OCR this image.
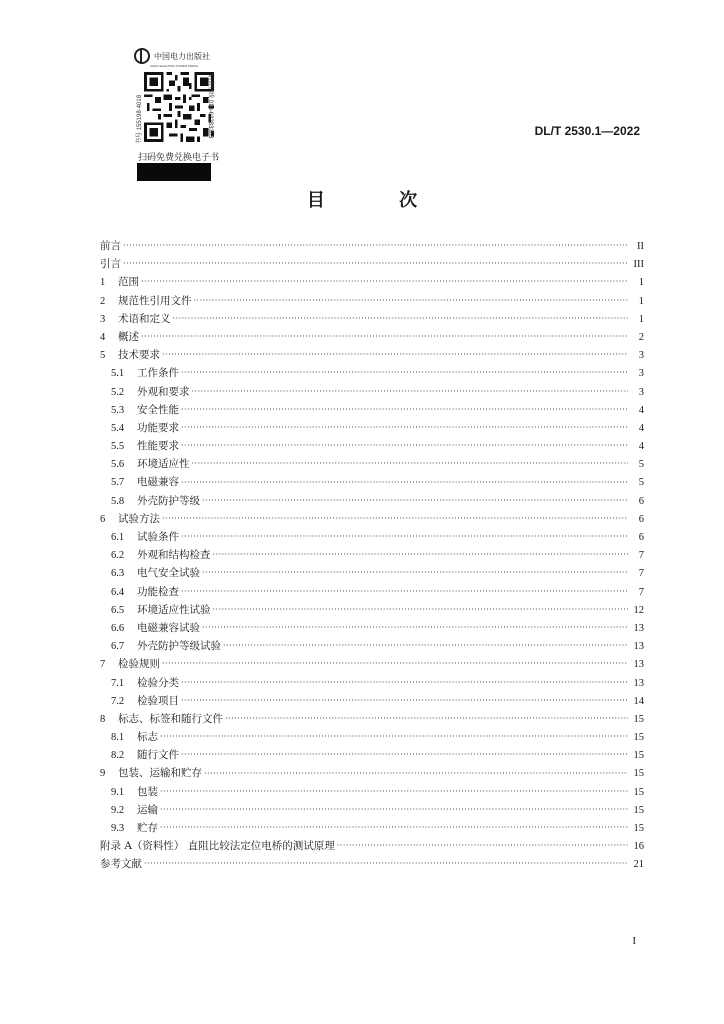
中国电力出版社
CHINA ELECTRIC POWER PRESS
书号 155198·4018	销售热线 010-63283363
扫码免费兑换电子书
DL/T 2530.1—2022
目 次
前言 ·····	II
引言 ·····	III
1	范围 ·····	1
2	规范性引用文件 ·····	1
3	术语和定义 ·····	1
4	概述 ·····	2
5	技术要求 ·····	3
5.1	工作条件 ·····	3
5.2	外观和要求 ·····	3
5.3	安全性能 ·····	4
5.4	功能要求 ·····	4
5.5	性能要求 ·····	4
5.6	环境适应性 ·····	5
5.7	电磁兼容 ·····	5
5.8	外壳防护等级 ·····	6
6	试验方法 ·····	6
6.1	试验条件 ·····	6
6.2	外观和结构检查 ·····	7
6.3	电气安全试验 ·····	7
6.4	功能检查 ·····	7
6.5	环境适应性试验 ·····	12
6.6	电磁兼容试验 ·····	13
6.7	外壳防护等级试验 ·····	13
7	检验规则 ·····	13
7.1	检验分类 ·····	13
7.2	检验项目 ·····	14
8	标志、标签和随行文件 ·····	15
8.1	标志 ·····	15
8.2	随行文件 ·····	15
9	包装、运输和贮存 ·····	15
9.1	包装 ·····	15
9.2	运输 ·····	15
9.3	贮存 ·····	15
附录 A（资料性） 直阻比较法定位电桥的测试原理 ·····	16
参考文献 ·····	21
I
